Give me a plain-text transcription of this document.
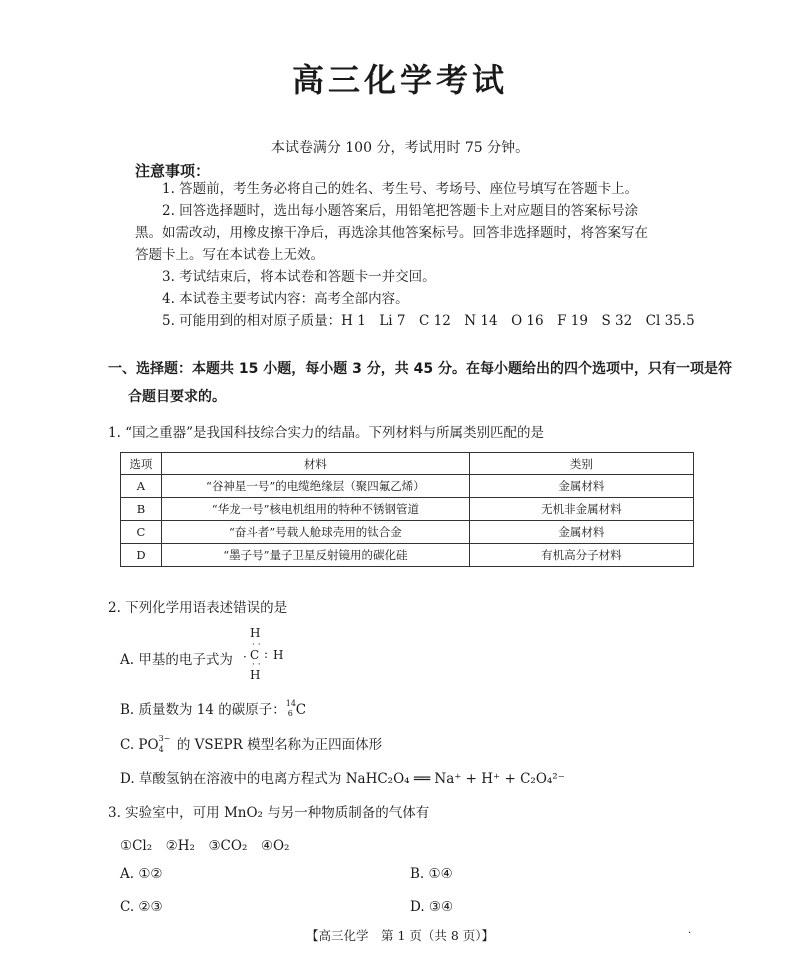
高三化学考试
本试卷满分 100 分，考试用时 75 分钟。
注意事项：
1. 答题前，考生务必将自己的姓名、考生号、考场号、座位号填写在答题卡上。
2. 回答选择题时，选出每小题答案后，用铅笔把答题卡上对应题目的答案标号涂
黑。如需改动，用橡皮擦干净后，再选涂其他答案标号。回答非选择题时，将答案写在
答题卡上。写在本试卷上无效。
3. 考试结束后，将本试卷和答题卡一并交回。
4. 本试卷主要考试内容：高考全部内容。
5. 可能用到的相对原子质量：H 1　Li 7　C 12　N 14　O 16　F 19　S 32　Cl 35.5
一、选择题：本题共 15 小题，每小题 3 分，共 45 分。在每小题给出的四个选项中，只有一项是符
合题目要求的。
1. “国之重器”是我国科技综合实力的结晶。下列材料与所属类别匹配的是
选项	材料	类别
A	“谷神星一号”的电缆绝缘层（聚四氟乙烯）	金属材料
B	“华龙一号”核电机组用的特种不锈钢管道	无机非金属材料
C	“奋斗者”号载人舱球壳用的钛合金	金属材料
D	“墨子号”量子卫星反射镜用的碳化硅	有机高分子材料
2. 下列化学用语表述错误的是
A. 甲基的电子式为
H
· ·
· C : H
· ·
H
B. 质量数为 14 的碳原子： 14
6 C
C. PO 3−
4 的 VSEPR 模型名称为正四面体形
D. 草酸氢钠在溶液中的电离方程式为 NaHC₂O₄ ══ Na⁺ + H⁺ + C₂O₄²⁻
3. 实验室中，可用 MnO₂ 与另一种物质制备的气体有
①Cl₂　②H₂　③CO₂　④O₂
A. ①②	B. ①④
C. ②③	D. ③④
【高三化学　第 1 页（共 8 页）】	·
